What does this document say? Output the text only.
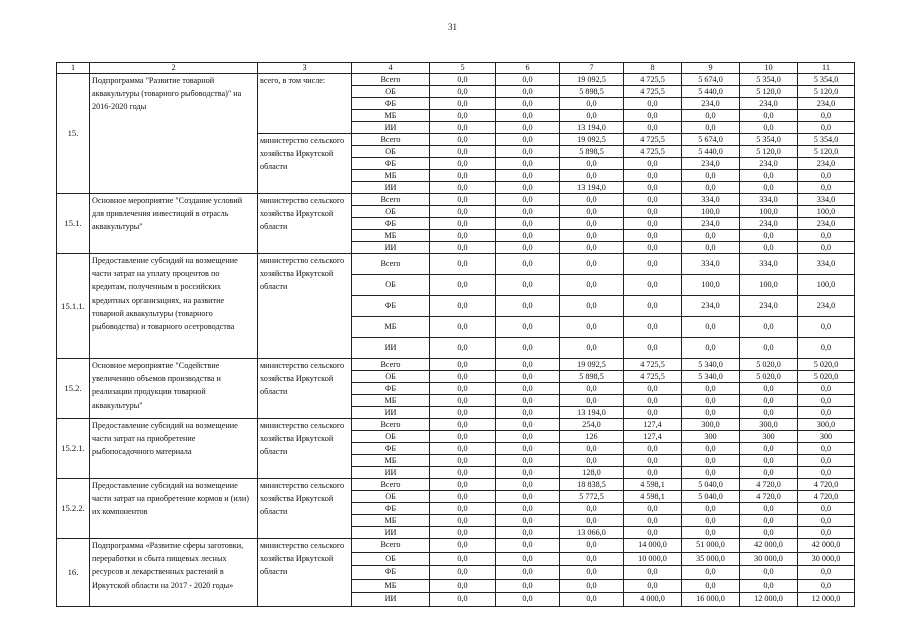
31
1	2	3	4	5	6	7	8	9	10	11
15.	Подпрограмма "Развитие товарной аквакультуры (товарного рыбоводства)" на 2016-2020 годы	всего, в том числе:	Всего	0,0	0,0	19 092,5	4 725,5	5 674,0	5 354,0	5 354,0
			ОБ	0,0	0,0	5 898,5	4 725,5	5 440,0	5 120,0	5 120,0
			ФБ	0,0	0,0	0,0	0,0	234,0	234,0	234,0
			МБ	0,0	0,0	0,0	0,0	0,0	0,0	0,0
			ИИ	0,0	0,0	13 194,0	0,0	0,0	0,0	0,0
		министерство сельского хозяйства Иркутской области	Всего	0,0	0,0	19 092,5	4 725,5	5 674,0	5 354,0	5 354,0
			ОБ	0,0	0,0	5 898,5	4 725,5	5 440,0	5 120,0	5 120,0
			ФБ	0,0	0,0	0,0	0,0	234,0	234,0	234,0
			МБ	0,0	0,0	0,0	0,0	0,0	0,0	0,0
			ИИ	0,0	0,0	13 194,0	0,0	0,0	0,0	0,0
15.1.	Основное мероприятие "Создание условий для привлечения инвестиций в отрасль аквакультуры"	министерство сельского хозяйства Иркутской области	Всего	0,0	0,0	0,0	0,0	334,0	334,0	334,0
			ОБ	0,0	0,0	0,0	0,0	100,0	100,0	100,0
			ФБ	0,0	0,0	0,0	0,0	234,0	234,0	234,0
			МБ	0,0	0,0	0,0	0,0	0,0	0,0	0,0
			ИИ	0,0	0,0	0,0	0,0	0,0	0,0	0,0
15.1.1.	Предоставление субсидий на возмещение части затрат на уплату процентов по кредитам, полученным в российских кредитных организациях, на развитие товарной аквакультуры (товарного рыбоводства) и товарного осетроводства	министерство сельского хозяйства Иркутской области	Всего	0,0	0,0	0,0	0,0	334,0	334,0	334,0
			ОБ	0,0	0,0	0,0	0,0	100,0	100,0	100,0
			ФБ	0,0	0,0	0,0	0,0	234,0	234,0	234,0
			МБ	0,0	0,0	0,0	0,0	0,0	0,0	0,0
			ИИ	0,0	0,0	0,0	0,0	0,0	0,0	0,0
15.2.	Основное мероприятие "Содействие увеличению объемов производства и реализации продукции товарной аквакультуры"	министерство сельского хозяйства Иркутской области	Всего	0,0	0,0	19 092,5	4 725,5	5 340,0	5 020,0	5 020,0
			ОБ	0,0	0,0	5 898,5	4 725,5	5 340,0	5 020,0	5 020,0
			ФБ	0,0	0,0	0,0	0,0	0,0	0,0	0,0
			МБ	0,0	0,0	0,0	0,0	0,0	0,0	0,0
			ИИ	0,0	0,0	13 194,0	0,0	0,0	0,0	0,0
15.2.1.	Предоставление субсидий на возмещение части затрат на приобретение рыбопосадочного материала	министерство сельского хозяйства Иркутской области	Всего	0,0	0,0	254,0	127,4	300,0	300,0	300,0
			ОБ	0,0	0,0	126	127,4	300	300	300
			ФБ	0,0	0,0	0,0	0,0	0,0	0,0	0,0
			МБ	0,0	0,0	0,0	0,0	0,0	0,0	0,0
			ИИ	0,0	0,0	128,0	0,0	0,0	0,0	0,0
15.2.2.	Предоставление субсидий на возмещение части затрат на приобретение кормов и (или) их компонентов	министерство сельского хозяйства Иркутской области	Всего	0,0	0,0	18 838,5	4 598,1	5 040,0	4 720,0	4 720,0
			ОБ	0,0	0,0	5 772,5	4 598,1	5 040,0	4 720,0	4 720,0
			ФБ	0,0	0,0	0,0	0,0	0,0	0,0	0,0
			МБ	0,0	0,0	0,0	0,0	0,0	0,0	0,0
			ИИ	0,0	0,0	13 066,0	0,0	0,0	0,0	0,0
16.	Подпрограмма «Развитие сферы заготовки, переработки и сбыта пищевых лесных ресурсов и лекарственных растений в Иркутской области на 2017 - 2020 годы»	министерство сельского хозяйства Иркутской области	Всего	0,0	0,0	0,0	14 000,0	51 000,0	42 000,0	42 000,0
			ОБ	0,0	0,0	0,0	10 000,0	35 000,0	30 000,0	30 000,0
			ФБ	0,0	0,0	0,0	0,0	0,0	0,0	0,0
			МБ	0,0	0,0	0,0	0,0	0,0	0,0	0,0
			ИИ	0,0	0,0	0,0	4 000,0	16 000,0	12 000,0	12 000,0
